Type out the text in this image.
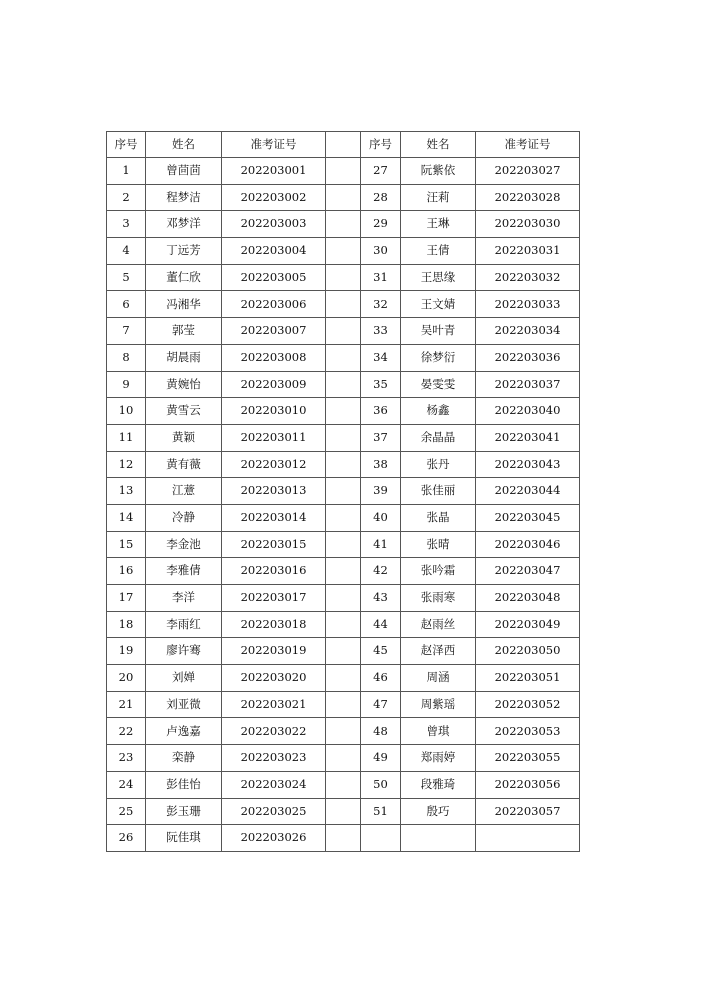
序号	姓名	准考证号		序号	姓名	准考证号
1	曾茴茴	202203001		27	阮紫依	202203027
2	程梦洁	202203002		28	汪莉	202203028
3	邓梦洋	202203003		29	王琳	202203030
4	丁远芳	202203004		30	王倩	202203031
5	董仁欣	202203005		31	王思缘	202203032
6	冯湘华	202203006		32	王文婧	202203033
7	郭莹	202203007		33	吴叶青	202203034
8	胡晨雨	202203008		34	徐梦衍	202203036
9	黄婉怡	202203009		35	晏雯雯	202203037
10	黄雪云	202203010		36	杨鑫	202203040
11	黄颖	202203011		37	余晶晶	202203041
12	黄有薇	202203012		38	张丹	202203043
13	江薏	202203013		39	张佳丽	202203044
14	冷静	202203014		40	张晶	202203045
15	李金池	202203015		41	张晴	202203046
16	李雅倩	202203016		42	张吟霜	202203047
17	李洋	202203017		43	张雨寒	202203048
18	李雨红	202203018		44	赵雨丝	202203049
19	廖许骞	202203019		45	赵泽西	202203050
20	刘婵	202203020		46	周涵	202203051
21	刘亚微	202203021		47	周紫瑶	202203052
22	卢逸嘉	202203022		48	曾琪	202203053
23	栾静	202203023		49	郑雨婷	202203055
24	彭佳怡	202203024		50	段雅琦	202203056
25	彭玉珊	202203025		51	殷巧	202203057
26	阮佳琪	202203026				
